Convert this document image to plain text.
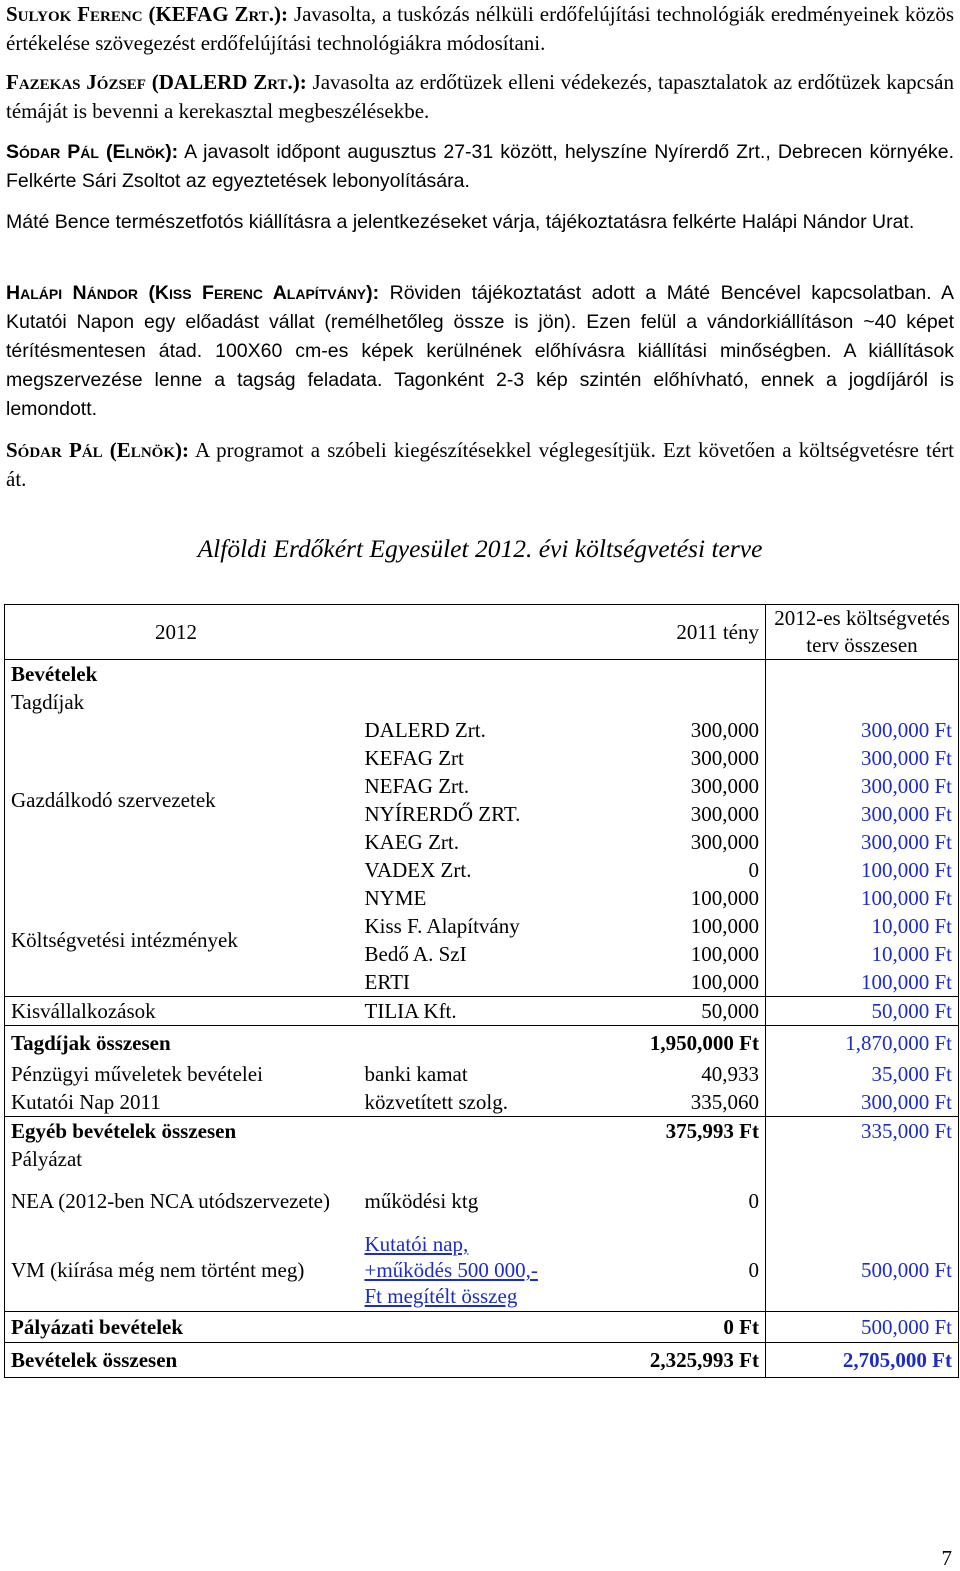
Sulyok Ferenc (KEFAG Zrt.): Javasolta, a tuskózás nélküli erdőfelújítási technológiák eredményeinek közös értékelése szövegezést erdőfelújítási technológiákra módosítani.

Fazekas József (DALERD Zrt.): Javasolta az erdőtüzek elleni védekezés, tapasztalatok az erdőtüzek kapcsán témáját is bevenni a kerekasztal megbeszélésekbe.

Sódar Pál (Elnök): A javasolt időpont augusztus 27-31 között, helyszíne Nyírerdő Zrt., Debrecen környéke. Felkérte Sári Zsoltot az egyeztetések lebonyolítására.

Máté Bence természetfotós kiállításra a jelentkezéseket várja, tájékoztatásra felkérte Halápi Nándor Urat.

Halápi Nándor (Kiss Ferenc Alapítvány): Röviden tájékoztatást adott a Máté Bencével kapcsolatban. A Kutatói Napon egy előadást vállat (remélhetőleg össze is jön). Ezen felül a vándorkiállításon ~40 képet térítésmentesen átad. 100X60 cm-es képek kerülnének előhívásra kiállítási minőségben. A kiállítások megszervezése lenne a tagság feladata. Tagonként 2-3 kép szintén előhívható, ennek a jogdíjáról is lemondott.

Sódar Pál (Elnök): A programot a szóbeli kiegészítésekkel véglegesítjük. Ezt követően a költségvetésre tért át.

Alföldi Erdőkért Egyesület 2012. évi költségvetési terve
2012		2011 tény	2012-es költségvetés terv összesen
Bevételek			
Tagdíjak			
Gazdálkodó szervezetek	DALERD Zrt.	300,000	300,000 Ft
	KEFAG Zrt	300,000	300,000 Ft
	NEFAG Zrt.	300,000	300,000 Ft
	NYÍRERDŐ ZRT.	300,000	300,000 Ft
	KAEG Zrt.	300,000	300,000 Ft
	VADEX Zrt.	0	100,000 Ft
Költségvetési intézmények	NYME	100,000	100,000 Ft
	Kiss F. Alapítvány	100,000	10,000 Ft
	Bedő A. SzI	100,000	10,000 Ft
	ERTI	100,000	100,000 Ft
Kisvállalkozások	TILIA Kft.	50,000	50,000 Ft
Tagdíjak összesen		1,950,000 Ft	1,870,000 Ft
Pénzügyi műveletek bevételei	banki kamat	40,933	35,000 Ft
Kutatói Nap 2011	közvetített szolg.	335,060	300,000 Ft
Egyéb bevételek összesen		375,993 Ft	335,000 Ft
Pályázat			
NEA (2012-ben NCA utódszervezete)	működési ktg	0	
VM (kiírása még nem történt meg)	Kutatói nap, +működés 500 000,- Ft megítélt összeg	0	500,000 Ft
Pályázati bevételek		0 Ft	500,000 Ft
Bevételek összesen		2,325,993 Ft	2,705,000 Ft
7
